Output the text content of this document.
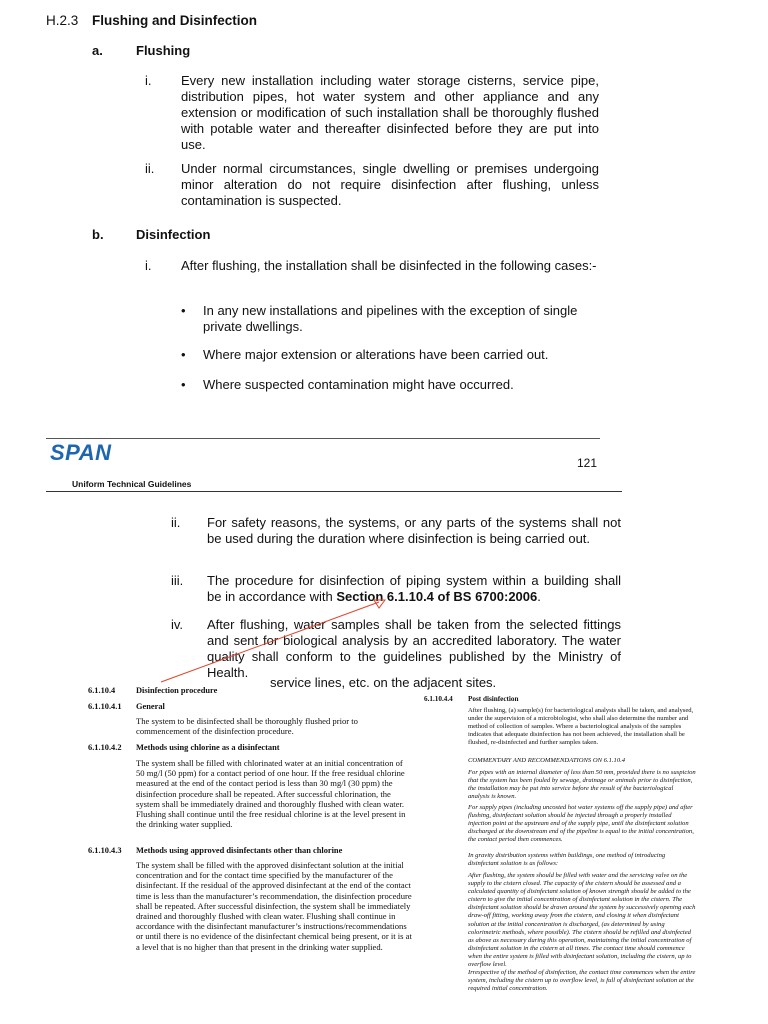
H.2.3 Flushing and Disinfection
a.	Flushing
i. Every new installation including water storage cisterns, service pipe, distribution pipes, hot water system and other appliance and any extension or modification of such installation shall be thoroughly flushed with potable water and thereafter disinfected before they are put into use.
ii. Under normal circumstances, single dwelling or premises undergoing minor alteration do not require disinfection after flushing, unless contamination is suspected.
b. Disinfection
i. After flushing, the installation shall be disinfected in the following cases:-
• In any new installations and pipelines with the exception of single private dwellings.
• Where major extension or alterations have been carried out.
• Where suspected contamination might have occurred.
SPAN	121
Uniform Technical Guidelines
ii. For safety reasons, the systems, or any parts of the systems shall not be used during the duration where disinfection is being carried out.
iii. The procedure for disinfection of piping system within a building shall be in accordance with Section 6.1.10.4 of BS 6700:2006.
iv. After flushing, water samples shall be taken from the selected fittings and sent for biological analysis by an accredited laboratory. The water quality shall conform to the guidelines published by the Ministry of Health.
service lines, etc. on the adjacent sites.
6.1.10.4 Disinfection procedure
6.1.10.4.1 General
The system to be disinfected shall be thoroughly flushed prior to commencement of the disinfection procedure.
6.1.10.4.2 Methods using chlorine as a disinfectant
The system shall be filled with chlorinated water at an initial concentration of 50 mg/l (50 ppm) for a contact period of one hour. If the free residual chlorine measured at the end of the contact period is less than 30 mg/l (30 ppm) the disinfection procedure shall be repeated. After successful chlorination, the system shall be immediately drained and thoroughly flushed with clean water. Flushing shall continue until the free residual chlorine is at the level present in the drinking water supplied.
6.1.10.4.3 Methods using approved disinfectants other than chlorine
The system shall be filled with the approved disinfectant solution at the initial concentration and for the contact time specified by the manufacturer of the disinfectant. If the residual of the approved disinfectant at the end of the contact time is less than the manufacturer’s recommendation, the disinfection procedure shall be repeated. After successful disinfection, the system shall be immediately drained and thoroughly flushed with clean water. Flushing shall continue in accordance with the disinfectant manufacturer’s instructions/recommendations or until there is no evidence of the disinfectant chemical being present, or it is at a level that is no higher than that present in the drinking water supplied.
6.1.10.4.4 Post disinfection
After flushing, (a) sample(s) for bacteriological analysis shall be taken, and analysed, under the supervision of a microbiologist, who shall also determine the number and method of collection of samples. Where a bacteriological analysis of the samples indicates that adequate disinfection has not been achieved, the installation shall be flushed, re-disinfected and further samples taken.
COMMENTARY AND RECOMMENDATIONS ON 6.1.10.4
For pipes with an internal diameter of less than 50 mm, provided there is no suspicion that the system has been fouled by sewage, drainage or animals prior to disinfection, the installation may be put into service before the result of the bacteriological analysis is known.
For supply pipes (including uncosted hot water systems off the supply pipe) and after flushing, disinfectant solution should be injected through a properly installed injection point at the upstream end of the supply pipe, until the disinfectant solution discharged at the downstream end of the pipeline is equal to the initial concentration, the contact period then commences.
In gravity distribution systems within buildings, one method of introducing disinfectant solution is as follows:
After flushing, the system should be filled with water and the servicing valve on the supply to the cistern closed. The capacity of the cistern should be assessed and a calculated quantity of disinfectant solution of known strength should be added to the cistern to give the initial concentration of disinfectant solution in the cistern. The disinfectant solution should be drawn around the system by successively opening each draw-off fitting, working away from the cistern, and closing it when disinfectant solution at the initial concentration is discharged, (as determined by using colorimetric methods, where possible). The cistern should be refilled and disinfected as above as necessary during this operation, maintaining the initial concentration of disinfectant solution in the cistern at all times. The contact time should commence when the entire system is filled with disinfectant solution, including the cistern, up to overflow level.
Irrespective of the method of disinfection, the contact time commences when the entire system, including the cistern up to overflow level, is full of disinfectant solution at the required initial concentration.
